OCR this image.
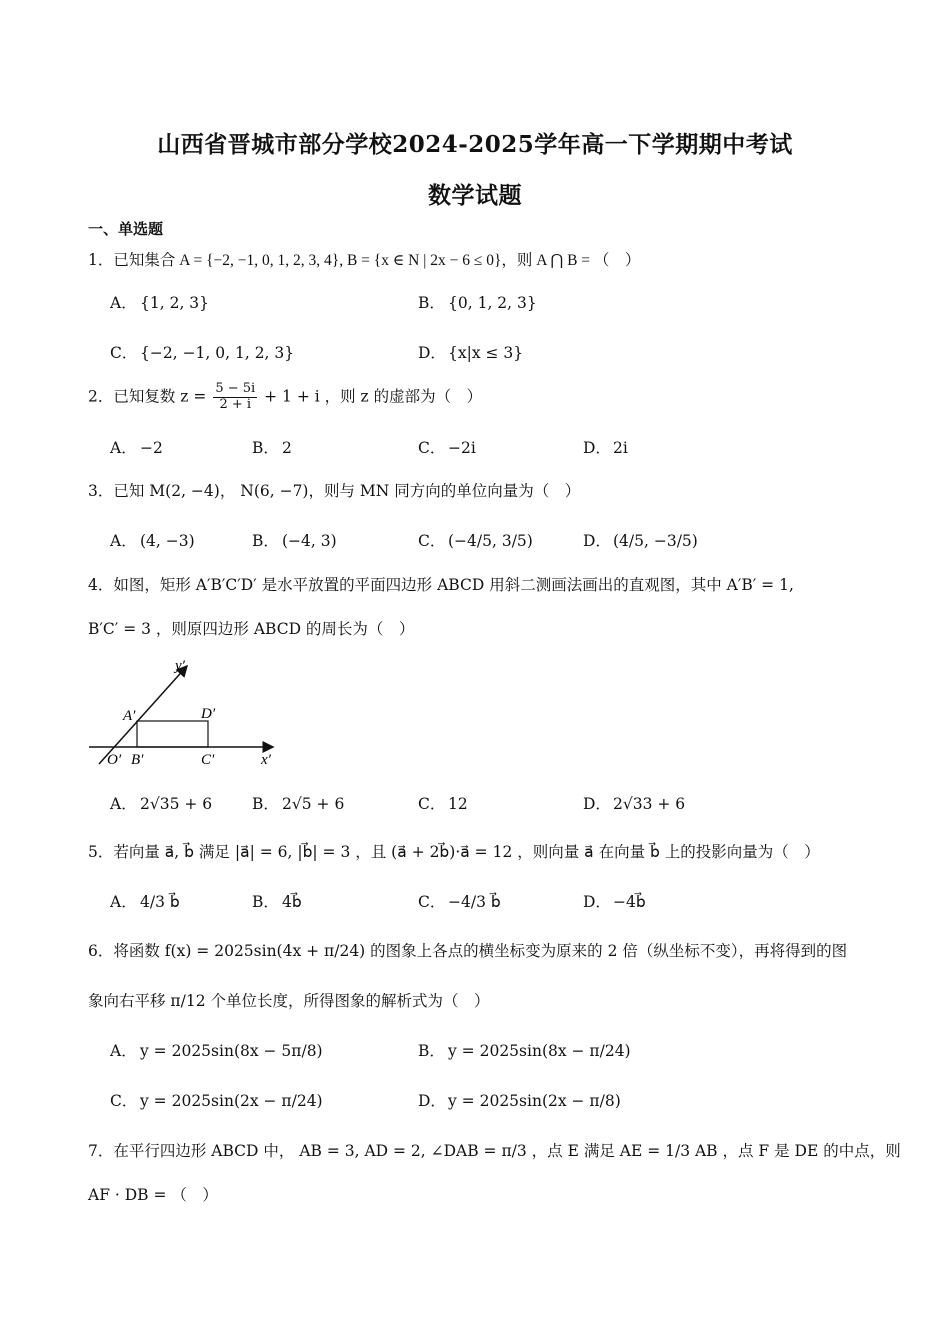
山西省晋城市部分学校2024-2025学年高一下学期期中考试
数学试题
一、单选题
1．已知集合 A = {−2, −1, 0, 1, 2, 3, 4}, B = {x ∈ N | 2x − 6 ≤ 0}，则 A ⋂ B = （　）
A． {1, 2, 3}	B． {0, 1, 2, 3}
C． {−2, −1, 0, 1, 2, 3}	D． {x|x ≤ 3}
2．已知复数 $z = \frac{5 - 5i}{2 + i} + 1 + i$ ，则 z 的虚部为（　）
A． −2	B． 2	C． −2i	D． 2i
3．已知 M(2, −4)， N(6, −7)，则与 MN 同方向的单位向量为（　）
A． (4, −3)	B． (−4, 3)	C． (−4/5, 3/5)	D． (4/5, −3/5)
4．如图，矩形 A′B′C′D′ 是水平放置的平面四边形 ABCD 用斜二测画法画出的直观图，其中 A′B′ = 1,
B′C′ = 3 ，则原四边形 ABCD 的周长为（　）
y′
x′
O′
A′
B′	C′
D′
A． 2√35 + 6	B． 2√5 + 6	C． 12	D． 2√33 + 6
5．若向量 a⃗, b⃗ 满足 |a⃗| = 6, |b⃗| = 3 ，且 (a⃗ + 2b⃗)·a⃗ = 12 ，则向量 a⃗ 在向量 b⃗ 上的投影向量为（　）
A． 4/3 b⃗	B． 4b⃗	C． −4/3 b⃗	D． −4b⃗
6．将函数 f(x) = 2025sin(4x + π/24) 的图象上各点的横坐标变为原来的 2 倍（纵坐标不变），再将得到的图
象向右平移 π/12 个单位长度，所得图象的解析式为（　）
A． y = 2025sin(8x − 5π/8)	B． y = 2025sin(8x − π/24)
C． y = 2025sin(2x − π/24)	D． y = 2025sin(2x − π/8)
7．在平行四边形 ABCD 中， AB = 3, AD = 2, ∠DAB = π/3 ，点 E 满足 AE = 1/3 AB ，点 F 是 DE 的中点，则
AF · DB = （　）
